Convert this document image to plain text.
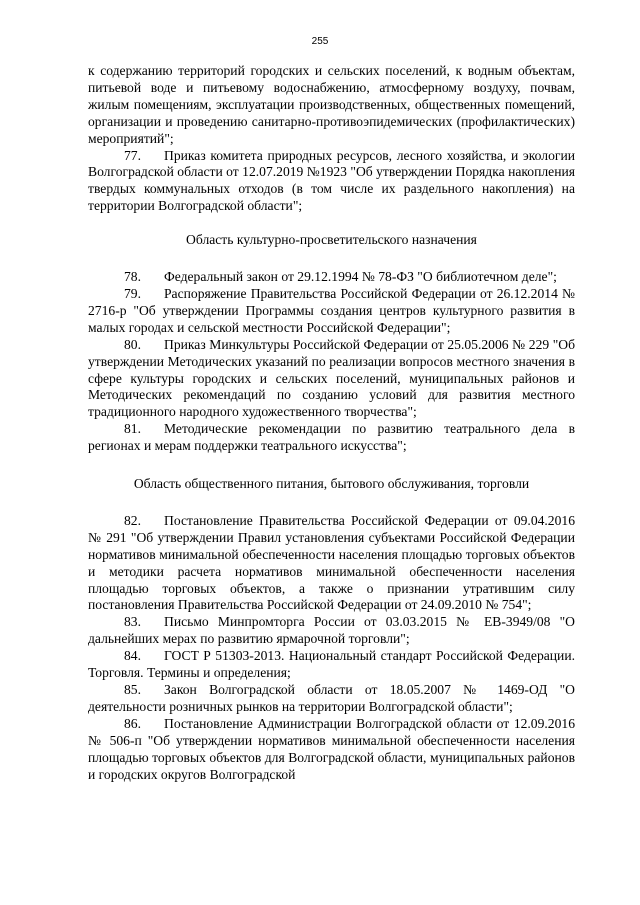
255

к содержанию территорий городских и сельских поселений, к водным объектам, питьевой воде и питьевому водоснабжению, атмосферному воздуху, почвам, жилым помещениям, эксплуатации производственных, общественных помещений, организации и проведению санитарно-противоэпидемических (профилактических) мероприятий";

77. Приказ комитета природных ресурсов, лесного хозяйства, и экологии Волгоградской области от 12.07.2019 №1923 "Об утверждении Порядка накопления твердых коммунальных отходов (в том числе их раздельного накопления) на территории Волгоградской области";

Область культурно-просветительского назначения

78. Федеральный закон от 29.12.1994 № 78-ФЗ "О библиотечном деле";

79. Распоряжение Правительства Российской Федерации от 26.12.2014 № 2716-р "Об утверждении Программы создания центров культурного развития в малых городах и сельской местности Российской Федерации";

80. Приказ Минкультуры Российской Федерации от 25.05.2006 № 229 "Об утверждении Методических указаний по реализации вопросов местного значения в сфере культуры городских и сельских поселений, муниципальных районов и Методических рекомендаций по созданию условий для развития местного традиционного народного художественного творчества";

81. Методические рекомендации по развитию театрального дела в регионах и мерам поддержки театрального искусства";

Область общественного питания, бытового обслуживания, торговли

82. Постановление Правительства Российской Федерации от 09.04.2016 № 291 "Об утверждении Правил установления субъектами Российской Федерации нормативов минимальной обеспеченности населения площадью торговых объектов и методики расчета нормативов минимальной обеспеченности населения площадью торговых объектов, а также о признании утратившим силу постановления Правительства Российской Федерации от 24.09.2010 № 754";

83. Письмо Минпромторга России от 03.03.2015 № ЕВ-3949/08 "О дальнейших мерах по развитию ярмарочной торговли";

84. ГОСТ Р 51303-2013. Национальный стандарт Российской Федерации. Торговля. Термины и определения;

85. Закон Волгоградской области от 18.05.2007 № 1469-ОД "О деятельности розничных рынков на территории Волгоградской области";

86. Постановление Администрации Волгоградской области от 12.09.2016 № 506-п "Об утверждении нормативов минимальной обеспеченности населения площадью торговых объектов для Волгоградской области, муниципальных районов и городских округов Волгоградской
